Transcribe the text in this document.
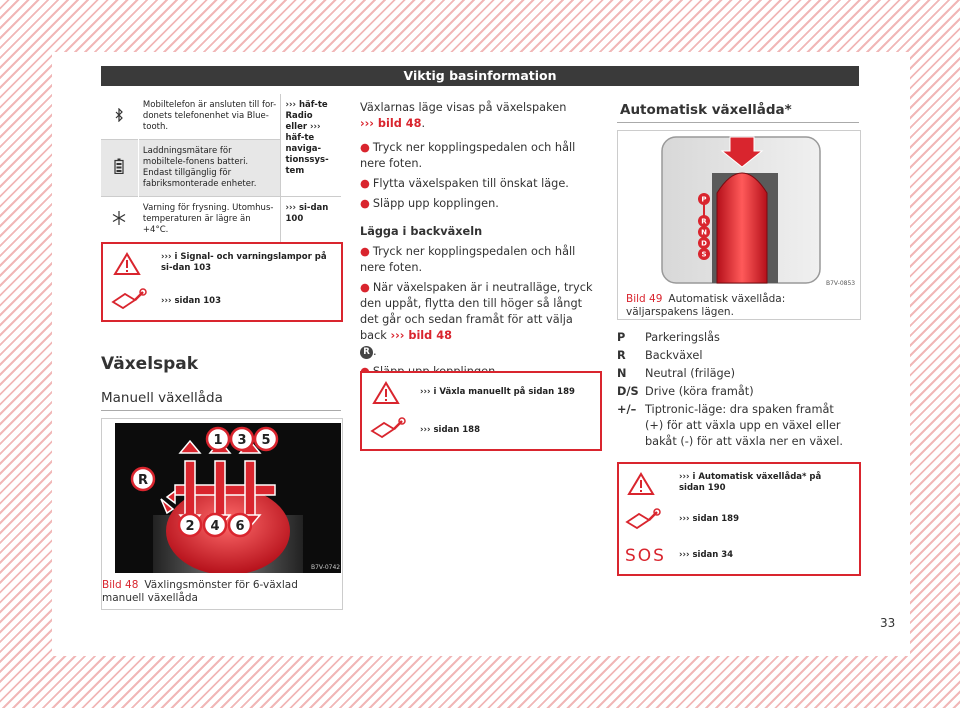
Viktig basinformation
	Mobiltelefon är ansluten till for-donets telefonenhet via Blue-tooth.	››› häf-te Radio eller ››› häf-te naviga-tionssys-tem
	Laddningsmätare för mobiltele-fonens batteri. Endast tillgänglig för fabriksmonterade enheter.	
	Varning för frysning. Utomhus-temperaturen är lägre än +4°C.	››› si-dan 100
››› i Signal- och varningslampor på si-dan 103
››› sidan 103
Växelspak
Manuell växellåda
1 3 5
2 4 6
R
B7V-0742
Bild 48 Växlingsmönster för 6-växlad manuell växellåda
Växlarnas läge visas på växelspaken
››› bild 48.
● Tryck ner kopplingspedalen och håll nere foten.
● Flytta växelspaken till önskat läge.
● Släpp upp kopplingen.
Lägga i backväxeln
● Tryck ner kopplingspedalen och håll nere foten.
● När växelspaken är i neutralläge, tryck den uppåt, flytta den till höger så långt det går och sedan framåt för att välja back ››› bild 48
R .
››› i Växla manuellt på sidan 189
››› sidan 188
Automatisk växellåda*
P
R
N
D
S
B7V-0853
Bild 49 Automatisk växellåda: väljarspakens lägen.
P	Parkeringslås
R	Backväxel
N	Neutral (friläge)
D/S Drive (köra framåt)
+/– Tiptronic-läge: dra spaken framåt (+) för att växla upp en växel eller bakåt (-) för att växla ner en växel.
SOS
››› i Automatisk växellåda* på sidan 190
››› sidan 189
››› sidan 34
33
